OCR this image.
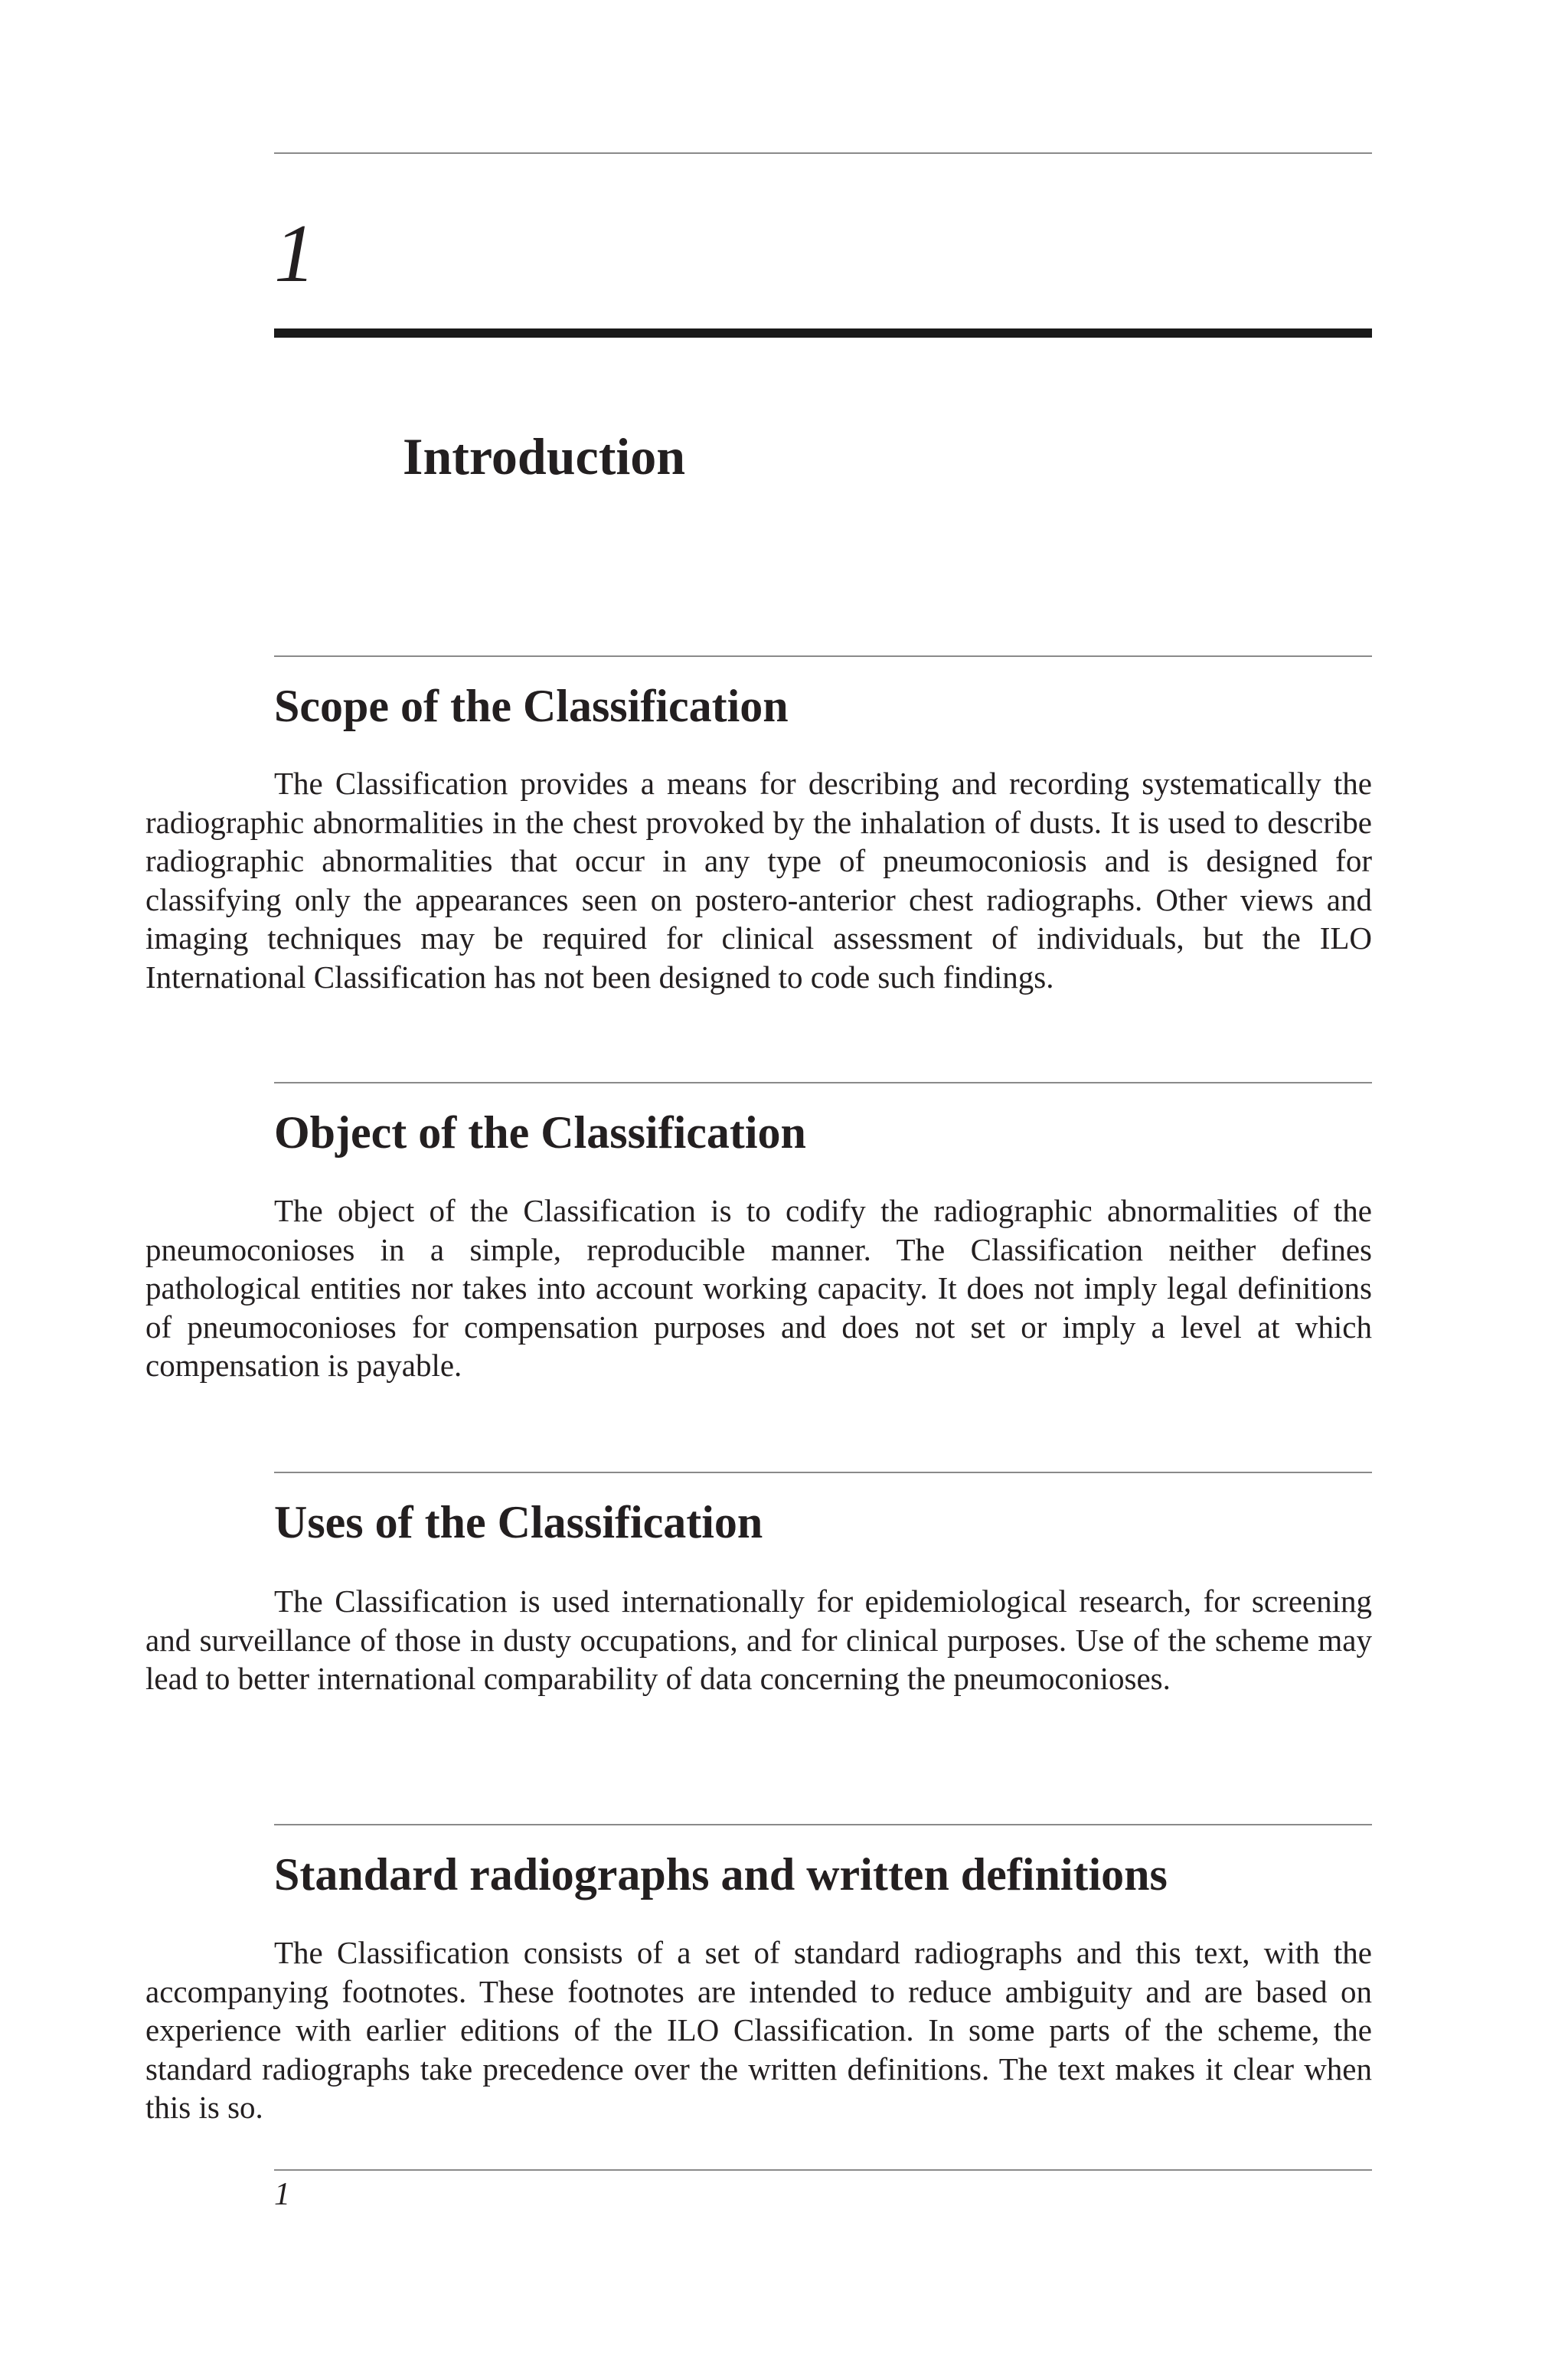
1
Introduction
Scope of the Classification

The Classification provides a means for describing and recording systematically the radiographic abnormalities in the chest provoked by the inhalation of dusts. It is used to describe radiographic abnormalities that occur in any type of pneumoconiosis and is designed for classifying only the appearances seen on postero-anterior chest radiographs. Other views and imaging techniques may be required for clinical assessment of individuals, but the ILO International Classification has not been designed to code such findings.

Object of the Classification

The object of the Classification is to codify the radiographic abnormalities of the pneumoconioses in a simple, reproducible manner. The Classification neither defines pathological entities nor takes into account working capacity. It does not imply legal definitions of pneumoconioses for compensation purposes and does not set or imply a level at which compensation is payable.

Uses of the Classification

The Classification is used internationally for epidemiological research, for screening and surveillance of those in dusty occupations, and for clinical purposes. Use of the scheme may lead to better international comparability of data concerning the pneumoconioses.

Standard radiographs and written definitions

The Classification consists of a set of standard radiographs and this text, with the accompanying footnotes. These footnotes are intended to reduce ambiguity and are based on experience with earlier editions of the ILO Classification. In some parts of the scheme, the standard radiographs take precedence over the written definitions. The text makes it clear when this is so.

1
